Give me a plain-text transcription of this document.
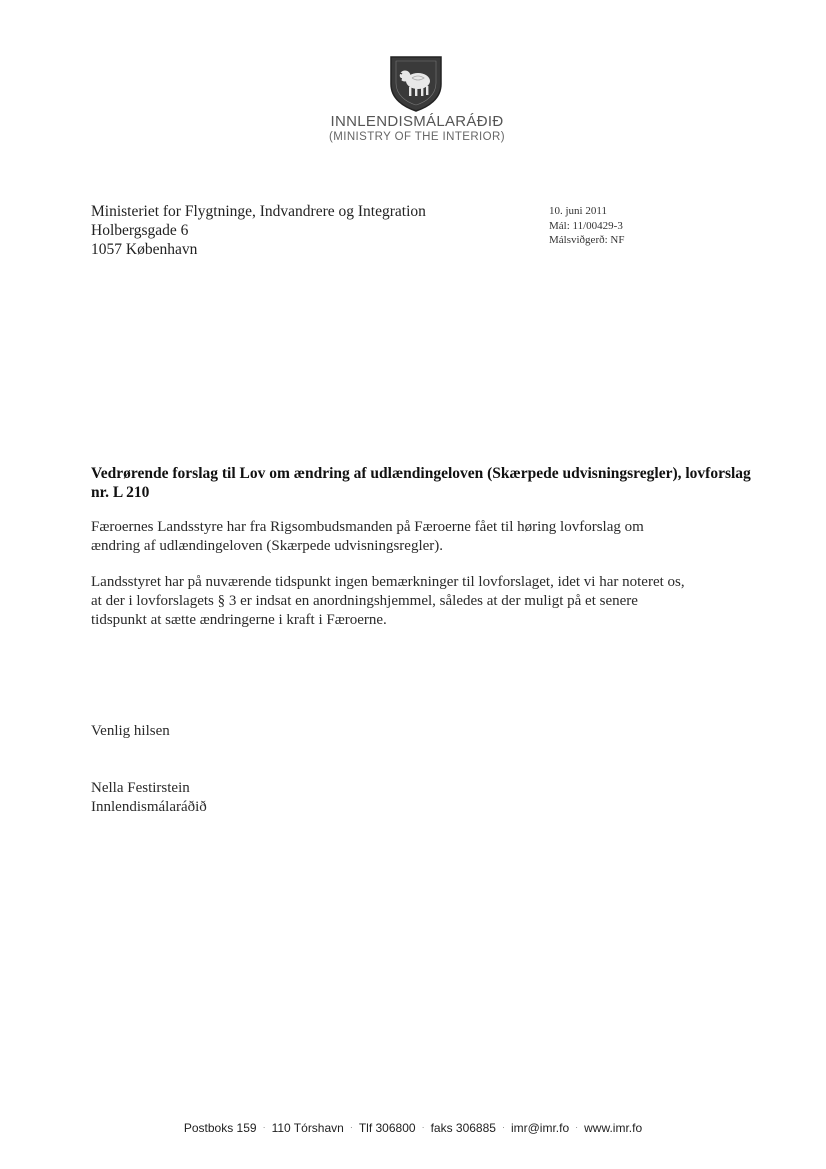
INNLENDISMÁLARÁÐIÐ
(MINISTRY OF THE INTERIOR)
Ministeriet for Flygtninge, Indvandrere og Integration
Holbergsgade 6
1057 København
10. juni 2011
Mál: 11/00429-3
Málsviðgerð: NF
Vedrørende forslag til Lov om ændring af udlændingeloven (Skærpede udvisningsregler), lovforslag nr. L 210
Færoernes Landsstyre har fra Rigsombudsmanden på Færoerne fået til høring lovforslag om
ændring af udlændingeloven (Skærpede udvisningsregler).
Landsstyret har på nuværende tidspunkt ingen bemærkninger til lovforslaget, idet vi har noteret os,
at der i lovforslagets § 3 er indsat en anordningshjemmel, således at der muligt på et senere
tidspunkt at sætte ændringerne i kraft i Færoerne.
Venlig hilsen
Nella Festirstein
Innlendismálaráðið
Postboks 159 · 110 Tórshavn · Tlf 306800 · faks 306885 · imr@imr.fo · www.imr.fo
